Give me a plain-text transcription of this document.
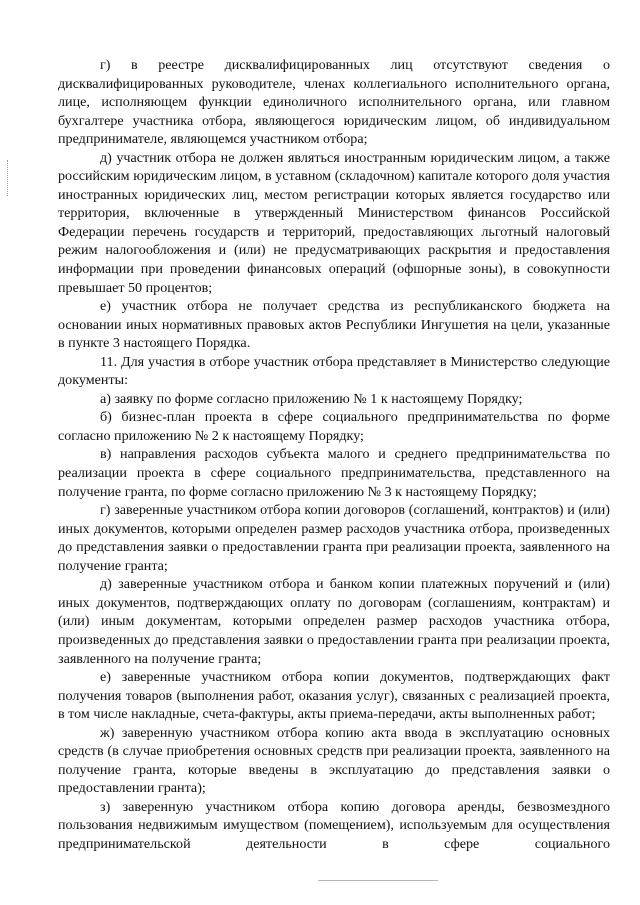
г) в реестре дисквалифицированных лиц отсутствуют сведения о дисквалифицированных руководителе, членах коллегиального исполнительного органа, лице, исполняющем функции единоличного исполнительного органа, или главном бухгалтере участника отбора, являющегося юридическим лицом, об индивидуальном предпринимателе, являющемся участником отбора;

д) участник отбора не должен являться иностранным юридическим лицом, а также российским юридическим лицом, в уставном (складочном) капитале которого доля участия иностранных юридических лиц, местом регистрации которых является государство или территория, включенные в утвержденный Министерством финансов Российской Федерации перечень государств и территорий, предоставляющих льготный налоговый режим налогообложения и (или) не предусматривающих раскрытия и предоставления информации при проведении финансовых операций (офшорные зоны), в совокупности превышает 50 процентов;

е) участник отбора не получает средства из республиканского бюджета на основании иных нормативных правовых актов Республики Ингушетия на цели, указанные в пункте 3 настоящего Порядка.

11. Для участия в отборе участник отбора представляет в Министерство следующие документы:

а) заявку по форме согласно приложению № 1 к настоящему Порядку;

б) бизнес-план проекта в сфере социального предпринимательства по форме согласно приложению № 2 к настоящему Порядку;

в) направления расходов субъекта малого и среднего предпринимательства по реализации проекта в сфере социального предпринимательства, представленного на получение гранта, по форме согласно приложению № 3 к настоящему Порядку;

г) заверенные участником отбора копии договоров (соглашений, контрактов) и (или) иных документов, которыми определен размер расходов участника отбора, произведенных до представления заявки о предоставлении гранта при реализации проекта, заявленного на получение гранта;

д) заверенные участником отбора и банком копии платежных поручений и (или) иных документов, подтверждающих оплату по договорам (соглашениям, контрактам) и (или) иным документам, которыми определен размер расходов участника отбора, произведенных до представления заявки о предоставлении гранта при реализации проекта, заявленного на получение гранта;

е) заверенные участником отбора копии документов, подтверждающих факт получения товаров (выполнения работ, оказания услуг), связанных с реализацией проекта, в том числе накладные, счета-фактуры, акты приема-передачи, акты выполненных работ;

ж) заверенную участником отбора копию акта ввода в эксплуатацию основных средств (в случае приобретения основных средств при реализации проекта, заявленного на получение гранта, которые введены в эксплуатацию до представления заявки о предоставлении гранта);

з) заверенную участником отбора копию договора аренды, безвозмездного пользования недвижимым имуществом (помещением), используемым для осуществления предпринимательской деятельности в сфере социального
